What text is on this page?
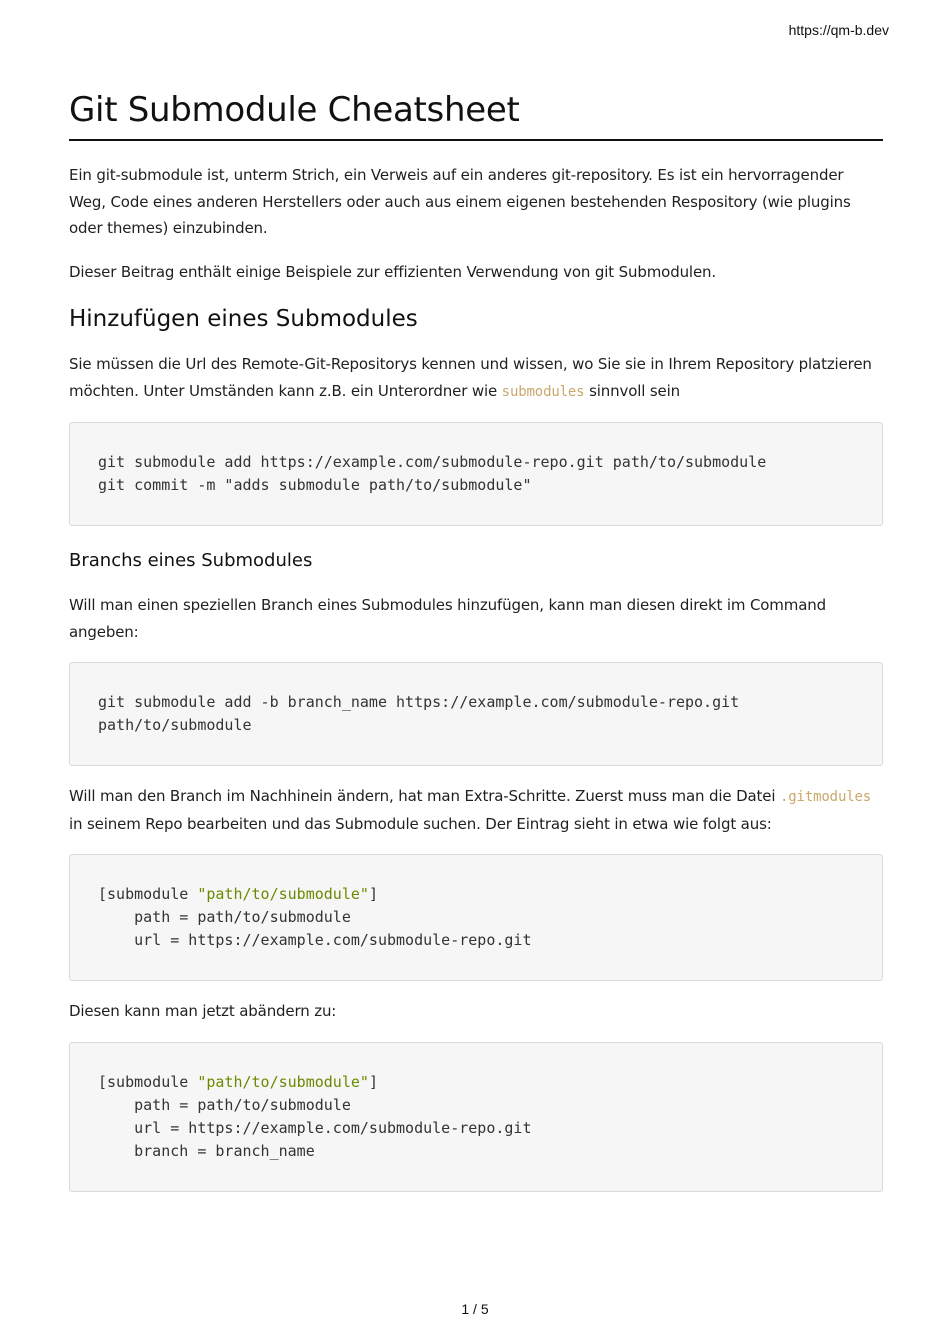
https://qm-b.dev
Git Submodule Cheatsheet

Ein git-submodule ist, unterm Strich, ein Verweis auf ein anderes git-repository. Es ist ein hervorragender Weg, Code eines anderen Herstellers oder auch aus einem eigenen bestehenden Respository (wie plugins oder themes) einzubinden.

Dieser Beitrag enthält einige Beispiele zur effizienten Verwendung von git Submodulen.

Hinzufügen eines Submodules

Sie müssen die Url des Remote-Git-Repositorys kennen und wissen, wo Sie sie in Ihrem Repository platzieren möchten. Unter Umständen kann z.B. ein Unterordner wie submodules sinnvoll sein

git submodule add https://example.com/submodule-repo.git path/to/submodule
git commit -m "adds submodule path/to/submodule"
Branchs eines Submodules

Will man einen speziellen Branch eines Submodules hinzufügen, kann man diesen direkt im Command angeben:

git submodule add -b branch_name https://example.com/submodule-repo.git
path/to/submodule

Will man den Branch im Nachhinein ändern, hat man Extra-Schritte. Zuerst muss man die Datei .gitmodules in seinem Repo bearbeiten und das Submodule suchen. Der Eintrag sieht in etwa wie folgt aus:

[submodule "path/to/submodule"]
path = path/to/submodule
url = https://example.com/submodule-repo.git

Diesen kann man jetzt abändern zu:

[submodule "path/to/submodule"]
path = path/to/submodule
url = https://example.com/submodule-repo.git
branch = branch_name
1 / 5
